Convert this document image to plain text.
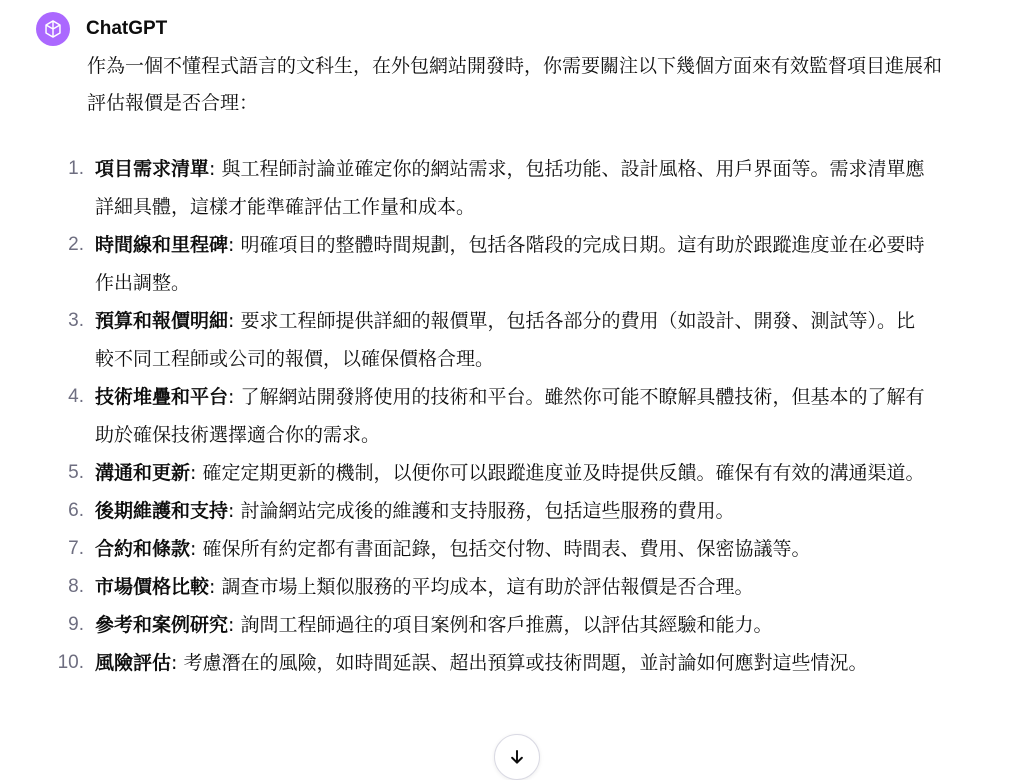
ChatGPT
作為一個不懂程式語言的文科生，在外包網站開發時，你需要關注以下幾個方面來有效監督項目進展和評估報價是否合理：
1. 項目需求清單: 與工程師討論並確定你的網站需求，包括功能、設計風格、用戶界面等。需求清單應詳細具體，這樣才能準確評估工作量和成本。
2. 時間線和里程碑: 明確項目的整體時間規劃，包括各階段的完成日期。這有助於跟蹤進度並在必要時作出調整。
3. 預算和報價明細: 要求工程師提供詳細的報價單，包括各部分的費用（如設計、開發、測試等）。比較不同工程師或公司的報價，以確保價格合理。
4. 技術堆疊和平台: 了解網站開發將使用的技術和平台。雖然你可能不瞭解具體技術，但基本的了解有助於確保技術選擇適合你的需求。
5. 溝通和更新: 確定定期更新的機制，以便你可以跟蹤進度並及時提供反饋。確保有有效的溝通渠道。
6. 後期維護和支持: 討論網站完成後的維護和支持服務，包括這些服務的費用。
7. 合約和條款: 確保所有約定都有書面記錄，包括交付物、時間表、費用、保密協議等。
8. 市場價格比較: 調查市場上類似服務的平均成本，這有助於評估報價是否合理。
9. 參考和案例研究: 詢問工程師過往的項目案例和客戶推薦，以評估其經驗和能力。
10. 風險評估: 考慮潛在的風險，如時間延誤、超出預算或技術問題，並討論如何應對這些情況。
